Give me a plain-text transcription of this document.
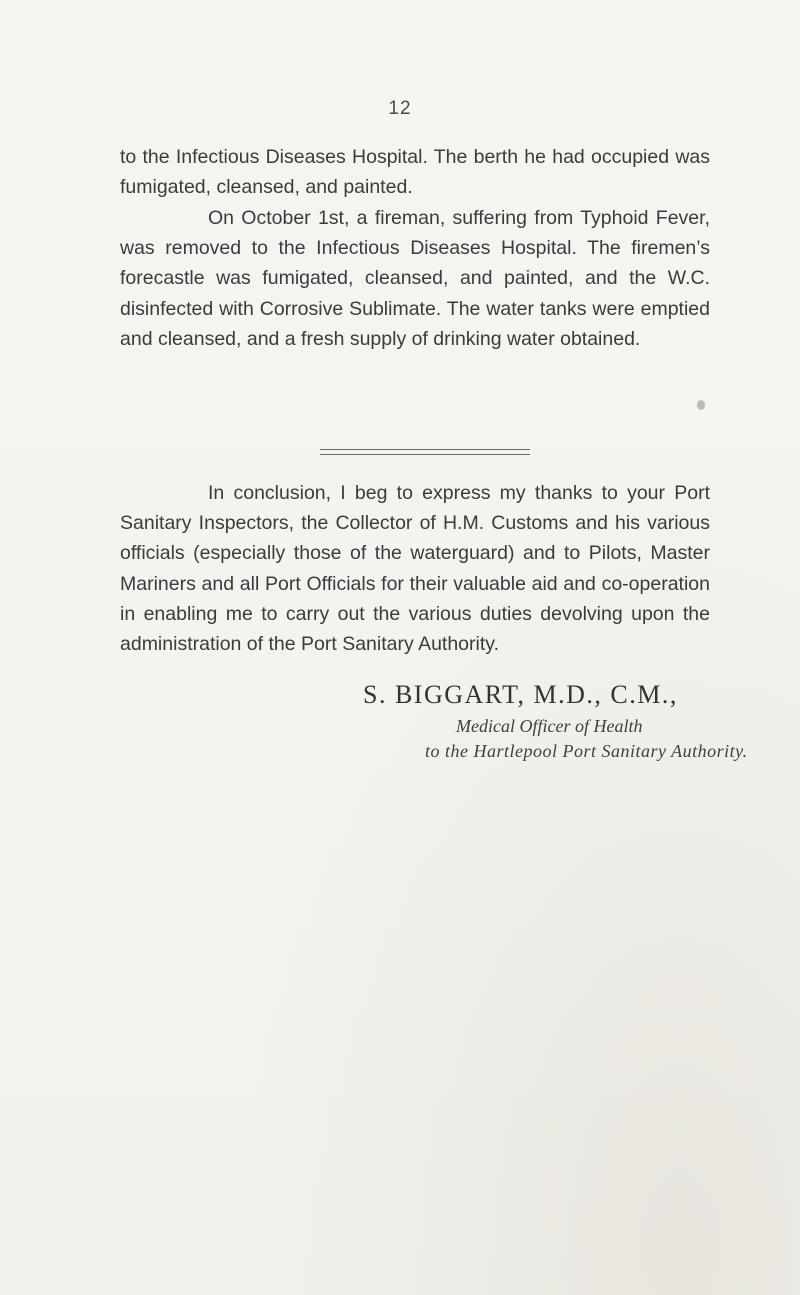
12

to the Infectious Diseases Hospital. The berth he had occupied was fumigated, cleansed, and painted.

On October 1st, a fireman, suffering from Typhoid Fever, was removed to the Infectious Diseases Hospital. The firemen’s forecastle was fumigated, cleansed, and painted, and the W.C. disinfected with Corrosive Sublimate. The water tanks were emptied and cleansed, and a fresh supply of drinking water obtained.

In conclusion, I beg to express my thanks to your Port Sanitary Inspectors, the Collector of H.M. Customs and his various officials (especially those of the waterguard) and to Pilots, Master Mariners and all Port Officials for their valuable aid and co-operation in enabling me to carry out the various duties devolving upon the administration of the Port Sanitary Authority.

S. BIGGART, M.D., C.M.,
Medical Officer of Health
to the Hartlepool Port Sanitary Authority.
